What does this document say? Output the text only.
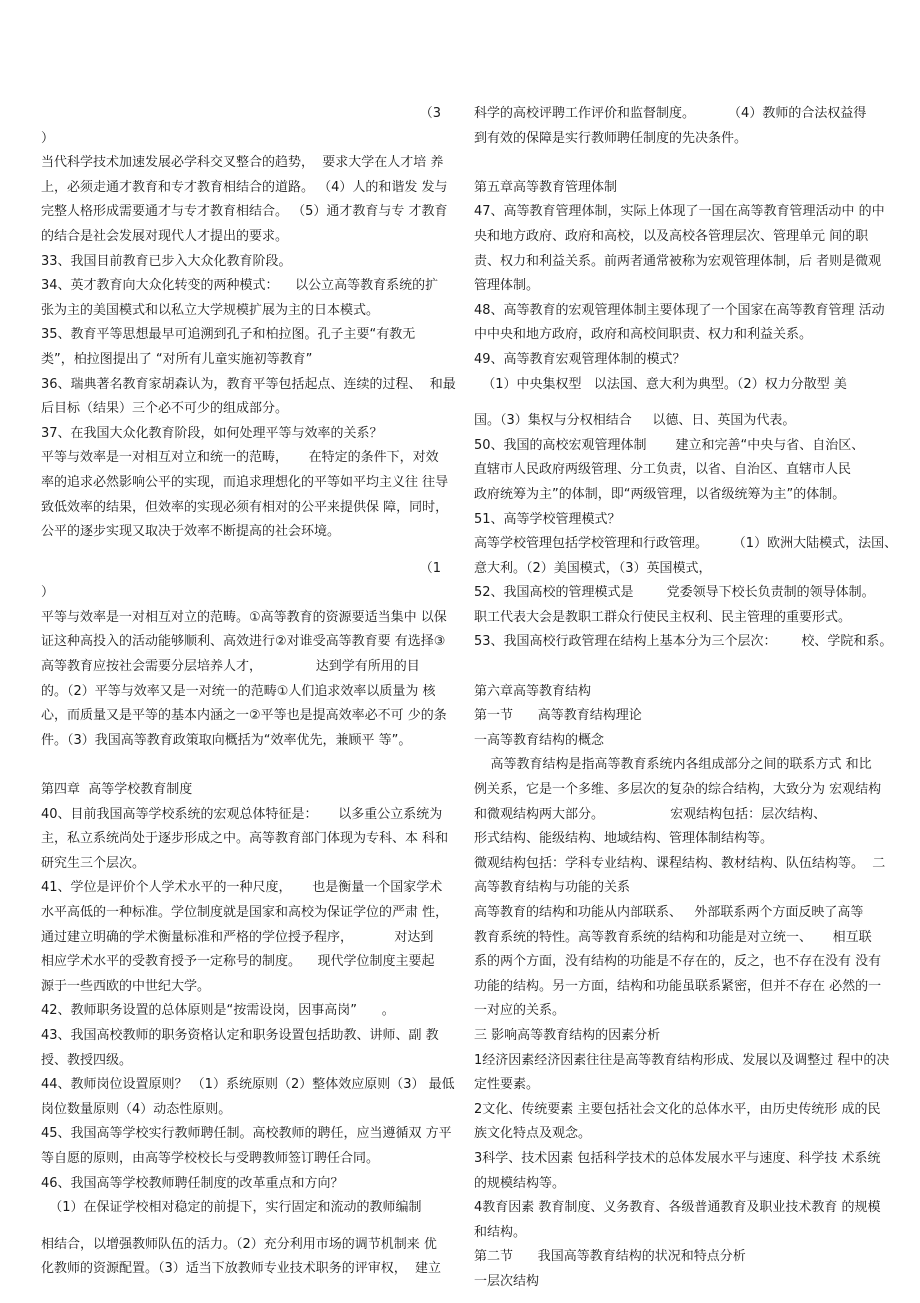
（3
）
当代科学技术加速发展必学科交叉整合的趋势，  要求大学在人才培 养
上，必须走通才教育和专才教育相结合的道路。 （4）人的和谐发 发与
完整人格形成需要通才与专才教育相结合。 （5）通才教育与专 才教育
的结合是社会发展对现代人才提出的要求。
33、我国目前教育已步入大众化教育阶段。
34、英才教育向大众化转变的两种模式：    以公立高等教育系统的扩
张为主的美国模式和以私立大学规模扩展为主的日本模式。
35、教育平等思想最早可追溯到孔子和柏拉图。孔子主要“有教无
类”，柏拉图提出了 “对所有儿童实施初等教育”
36、瑞典著名教育家胡森认为，教育平等包括起点、连续的过程、  和最
后目标（结果）三个必不可少的组成部分。
37、在我国大众化教育阶段，如何处理平等与效率的关系？
平等与效率是一对相互对立和统一的范畴，     在特定的条件下，对效
率的追求必然影响公平的实现，而追求理想化的平等如平均主义往 往导
致低效率的结果，但效率的实现必须有相对的公平来提供保 障，同时，
公平的逐步实现又取决于效率不断提高的社会环境。
（1
）
平等与效率是一对相互对立的范畴。①高等教育的资源要适当集中 以保
证这种高投入的活动能够顺利、高效进行②对谁受高等教育要 有选择③
高等教育应按社会需要分层培养人才，             达到学有所用的目
的。（2）平等与效率又是一对统一的范畴①人们追求效率以质量为 核
心，而质量又是平等的基本内涵之一②平等也是提高效率必不可 少的条
件。（3）我国高等教育政策取向概括为“效率优先，兼顾平 等”。
第四章  高等学校教育制度
40、目前我国高等学校系统的宏观总体特征是：     以多重公立系统为
主，私立系统尚处于逐步形成之中。高等教育部门体现为专科、本 科和
研究生三个层次。
41、学位是评价个人学术水平的一种尺度，     也是衡量一个国家学术
水平高低的一种标准。学位制度就是国家和高校为保证学位的严肃 性，
通过建立明确的学术衡量标准和严格的学位授予程序，          对达到
相应学术水平的受教育授予一定称号的制度。    现代学位制度主要起
源于一些西欧的中世纪大学。
42、教师职务设置的总体原则是“按需设岗，因事高岗”      。
43、我国高校教师的职务资格认定和职务设置包括助教、讲师、副 教
授、教授四级。
44、教师岗位设置原则？ （1）系统原则（2）整体效应原则（3） 最低
岗位数量原则（4）动态性原则。
45、我国高等学校实行教师聘任制。高校教师的聘任，应当遵循双 方平
等自愿的原则，由高等学校校长与受聘教师签订聘任合同。
46、我国高等学校教师聘任制度的改革重点和方向？
（1）在保证学校相对稳定的前提下，实行固定和流动的教师编制
相结合，以增强教师队伍的活力。（2）充分利用市场的调节机制来 优
化教师的资源配置。（3）适当下放教师专业技术职务的评审权，  建立
科学的高校评聘工作评价和监督制度。        （4）教师的合法权益得
到有效的保障是实行教师聘任制度的先决条件。
第五章高等教育管理体制
47、高等教育管理体制，实际上体现了一国在高等教育管理活动中 的中
央和地方政府、政府和高校，以及高校各管理层次、管理单元 间的职
责、权力和利益关系。前两者通常被称为宏观管理体制，后 者则是微观
管理体制。
48、高等教育的宏观管理体制主要体现了一个国家在高等教育管理 活动
中中央和地方政府，政府和高校间职责、权力和利益关系。
49、高等教育宏观管理体制的模式？
（1）中央集权型   以法国、意大利为典型。（2）权力分散型 美
国。（3）集权与分权相结合     以德、日、英国为代表。
50、我国的高校宏观管理体制       建立和完善“中央与省、自治区、
直辖市人民政府两级管理、分工负责，以省、自治区、直辖市人民
政府统筹为主”的体制，即“两级管理，以省级统筹为主”的体制。
51、高等学校管理模式？
高等学校管理包括学校管理和行政管理。      （1）欧洲大陆模式，法国、
意大利。（2）美国模式，（3）英国模式，
52、我国高校的管理模式是        党委领导下校长负责制的领导体制。
职工代表大会是教职工群众行使民主权利、民主管理的重要形式。
53、我国高校行政管理在结构上基本分为三个层次：      校、学院和系。
第六章高等教育结构
第一节      高等教育结构理论
一高等教育结构的概念
高等教育结构是指高等教育系统内各组成部分之间的联系方式 和比
例关系，它是一个多维、多层次的复杂的综合结构，大致分为 宏观结构
和微观结构两大部分。                宏观结构包括：层次结构、
形式结构、能级结构、地域结构、管理体制结构等。
微观结构包括：学科专业结构、课程结构、教材结构、队伍结构等。  二
高等教育结构与功能的关系
高等教育的结构和功能从内部联系、   外部联系两个方面反映了高等
教育系统的特性。高等教育系统的结构和功能是对立统一、     相互联
系的两个方面，没有结构的功能是不存在的，反之，也不存在没有 没有
功能的结构。另一方面，结构和功能虽联系紧密，但并不存在 必然的一
一对应的关系。
三 影响高等教育结构的因素分析
1经济因素经济因素往往是高等教育结构形成、发展以及调整过 程中的决
定性要素。
2文化、传统要素 主要包括社会文化的总体水平，由历史传统形 成的民
族文化特点及观念。
3科学、技术因素 包括科学技术的总体发展水平与速度、科学技 术系统
的规模结构等。
4教育因素 教育制度、义务教育、各级普通教育及职业技术教育 的规模
和结构。
第二节      我国高等教育结构的状况和特点分析
一层次结构
